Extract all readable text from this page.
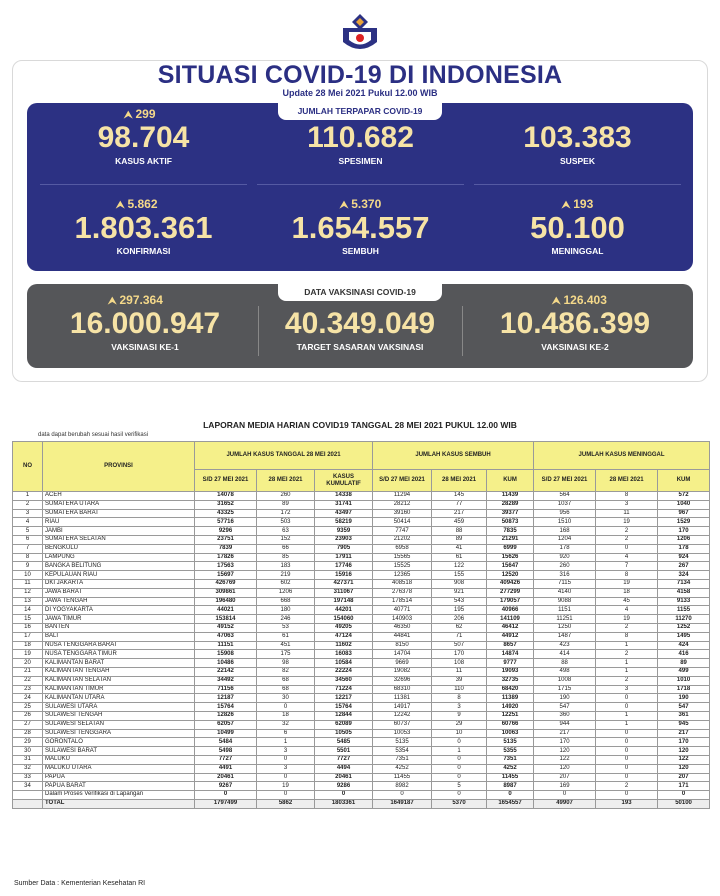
SITUASI COVID-19 DI INDONESIA
Update 28 Mei 2021 Pukul 12.00 WIB
JUMLAH TERPAPAR COVID-19
⮝ 299
98.704
KASUS AKTIF
110.682
SPESIMEN
103.383
SUSPEK
⮝ 5.862
1.803.361
KONFIRMASI
⮝ 5.370
1.654.557
SEMBUH
⮝ 193
50.100
MENINGGAL
DATA VAKSINASI COVID-19
⮝ 297.364
16.000.947
VAKSINASI KE-1
40.349.049
TARGET SASARAN VAKSINASI
⮝ 126.403
10.486.399
VAKSINASI KE-2
LAPORAN MEDIA HARIAN COVID19 TANGGAL 28 MEI 2021 PUKUL 12.00 WIB
data dapat berubah sesuai hasil verifikasi
NO	PROVINSI	JUMLAH KASUS TANGGAL 28 MEI 2021			JUMLAH KASUS SEMBUH			JUMLAH KASUS MENINGGAL		
		S/D 27 MEI 2021	28 MEI 2021	KASUS KUMULATIF	S/D 27 MEI 2021	28 MEI 2021	KUM	S/D 27 MEI 2021	28 MEI 2021	KUM
1	ACEH	14078	260	14338	11294	145	11439	564	8	572
2	SUMATERA UTARA	31652	89	31741	28212	77	28289	1037	3	1040
3	SUMATERA BARAT	43325	172	43497	39160	217	39377	956	11	967
4	RIAU	57716	503	58219	50414	459	50873	1510	19	1529
5	JAMBI	9296	63	9359	7747	88	7835	168	2	170
6	SUMATERA SELATAN	23751	152	23903	21202	89	21291	1204	2	1206
7	BENGKULU	7839	66	7905	6958	41	6999	178	0	178
8	LAMPUNG	17826	85	17911	15565	61	15626	920	4	924
9	BANGKA BELITUNG	17563	183	17746	15525	122	15647	260	7	267
10	KEPULAUAN RIAU	15697	219	15916	12365	155	12520	316	8	324
11	DKI JAKARTA	426769	602	427371	408518	908	409426	7115	19	7134
12	JAWA BARAT	309861	1206	311067	276378	921	277299	4140	18	4158
13	JAWA TENGAH	196480	668	197148	178514	543	179057	9088	45	9133
14	DI YOGYAKARTA	44021	180	44201	40771	195	40966	1151	4	1155
15	JAWA TIMUR	153814	246	154060	140903	206	141109	11251	19	11270
16	BANTEN	49152	53	49205	46350	62	46412	1250	2	1252
17	BALI	47063	61	47124	44841	71	44912	1487	8	1495
18	NUSA TENGGARA BARAT	11151	451	11602	8150	507	8657	423	1	424
19	NUSA TENGGARA TIMUR	15908	175	16083	14704	170	14874	414	2	416
20	KALIMANTAN BARAT	10486	98	10584	9669	108	9777	88	1	89
21	KALIMANTAN TENGAH	22142	82	22224	19082	11	19093	498	1	499
22	KALIMANTAN SELATAN	34492	68	34560	32696	39	32735	1008	2	1010
23	KALIMANTAN TIMUR	71156	68	71224	68310	110	68420	1715	3	1718
24	KALIMANTAN UTARA	12187	30	12217	11381	8	11389	190	0	190
25	SULAWESI UTARA	15764	0	15764	14917	3	14920	547	0	547
26	SULAWESI TENGAH	12826	18	12844	12242	9	12251	360	1	361
27	SULAWESI SELATAN	62057	32	62089	60737	29	60766	944	1	945
28	SULAWESI TENGGARA	10499	6	10505	10053	10	10063	217	0	217
29	GORONTALO	5484	1	5485	5135	0	5135	170	0	170
30	SULAWESI BARAT	5498	3	5501	5354	1	5355	120	0	120
31	MALUKU	7727	0	7727	7351	0	7351	122	0	122
32	MALUKU UTARA	4491	3	4494	4252	0	4252	120	0	120
33	PAPUA	20461	0	20461	11455	0	11455	207	0	207
34	PAPUA BARAT	9267	19	9286	8982	5	8987	169	2	171
	Dalam Proses Verifikasi di Lapangan	0	0	0	0	0	0	0	0	0
	TOTAL	1797499	5862	1803361	1649187	5370	1654557	49907	193	50100
Sumber Data : Kementerian Kesehatan RI
